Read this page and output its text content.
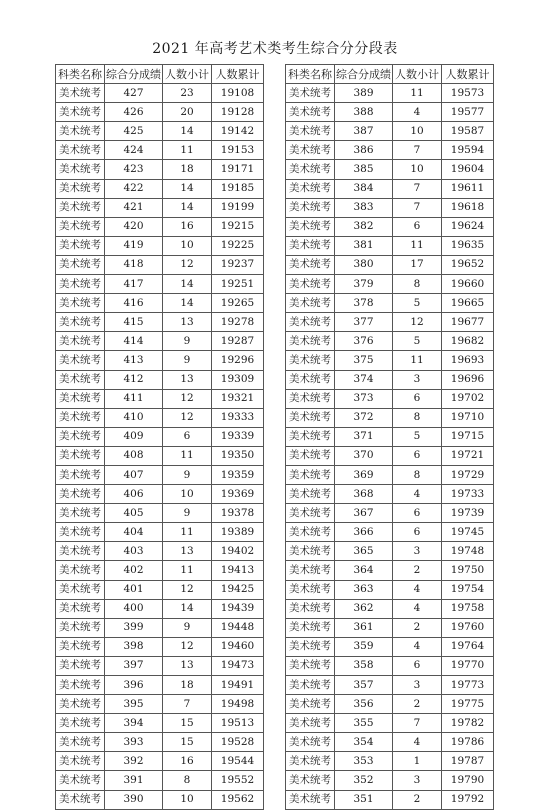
2021 年高考艺术类考生综合分分段表
科类名称	综合分成绩	人数小计	人数累计
美术统考	427	23	19108
美术统考	426	20	19128
美术统考	425	14	19142
美术统考	424	11	19153
美术统考	423	18	19171
美术统考	422	14	19185
美术统考	421	14	19199
美术统考	420	16	19215
美术统考	419	10	19225
美术统考	418	12	19237
美术统考	417	14	19251
美术统考	416	14	19265
美术统考	415	13	19278
美术统考	414	9	19287
美术统考	413	9	19296
美术统考	412	13	19309
美术统考	411	12	19321
美术统考	410	12	19333
美术统考	409	6	19339
美术统考	408	11	19350
美术统考	407	9	19359
美术统考	406	10	19369
美术统考	405	9	19378
美术统考	404	11	19389
美术统考	403	13	19402
美术统考	402	11	19413
美术统考	401	12	19425
美术统考	400	14	19439
美术统考	399	9	19448
美术统考	398	12	19460
美术统考	397	13	19473
美术统考	396	18	19491
美术统考	395	7	19498
美术统考	394	15	19513
美术统考	393	15	19528
美术统考	392	16	19544
美术统考	391	8	19552
美术统考	390	10	19562
科类名称	综合分成绩	人数小计	人数累计
美术统考	389	11	19573
美术统考	388	4	19577
美术统考	387	10	19587
美术统考	386	7	19594
美术统考	385	10	19604
美术统考	384	7	19611
美术统考	383	7	19618
美术统考	382	6	19624
美术统考	381	11	19635
美术统考	380	17	19652
美术统考	379	8	19660
美术统考	378	5	19665
美术统考	377	12	19677
美术统考	376	5	19682
美术统考	375	11	19693
美术统考	374	3	19696
美术统考	373	6	19702
美术统考	372	8	19710
美术统考	371	5	19715
美术统考	370	6	19721
美术统考	369	8	19729
美术统考	368	4	19733
美术统考	367	6	19739
美术统考	366	6	19745
美术统考	365	3	19748
美术统考	364	2	19750
美术统考	363	4	19754
美术统考	362	4	19758
美术统考	361	2	19760
美术统考	359	4	19764
美术统考	358	6	19770
美术统考	357	3	19773
美术统考	356	2	19775
美术统考	355	7	19782
美术统考	354	4	19786
美术统考	353	1	19787
美术统考	352	3	19790
美术统考	351	2	19792
